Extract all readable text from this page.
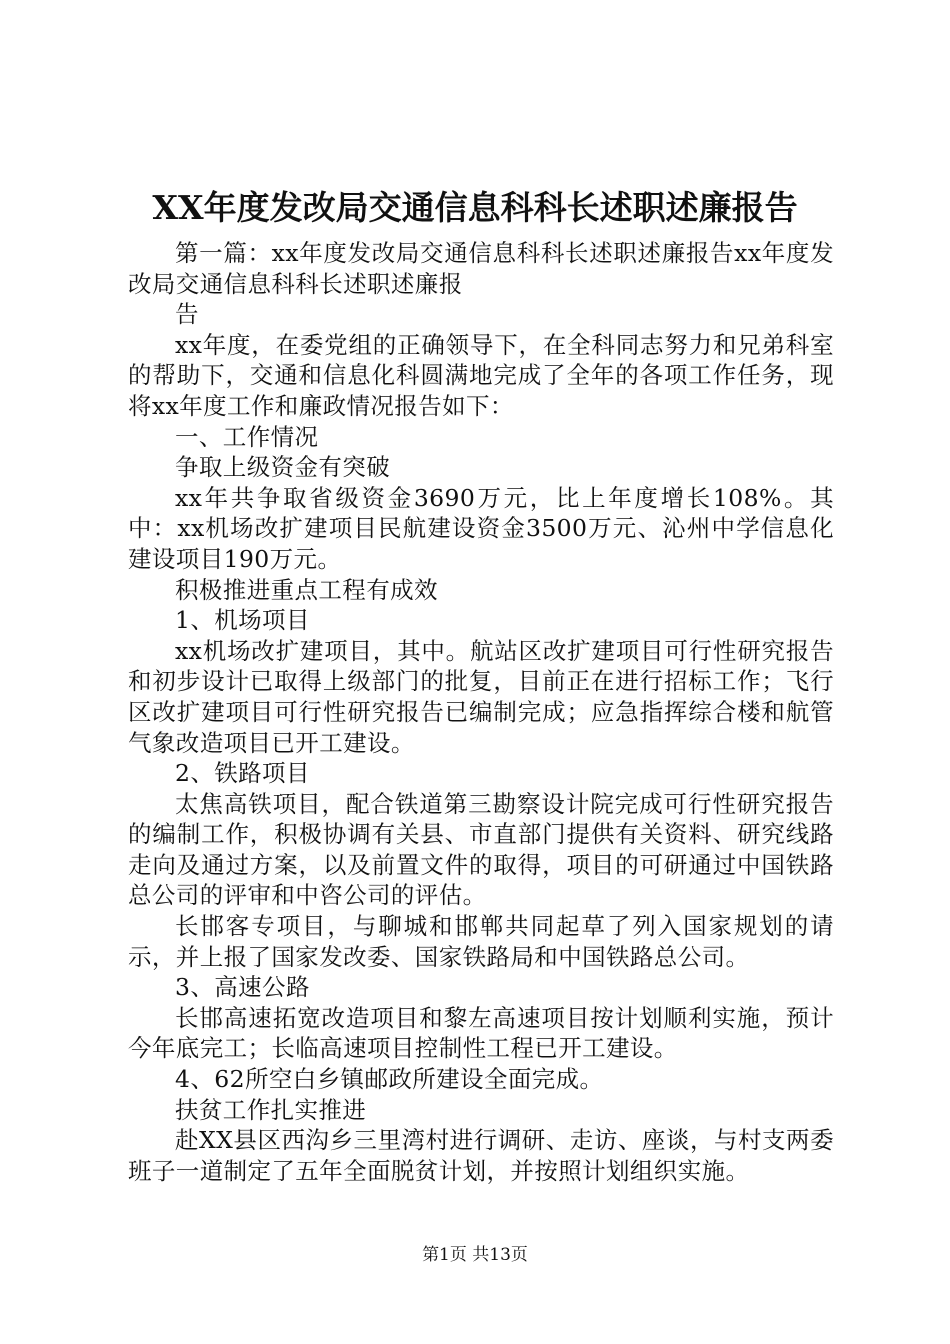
XX年度发改局交通信息科科长述职述廉报告

第一篇：xx年度发改局交通信息科科长述职述廉报告xx年度发改局交通信息科科长述职述廉报

告

xx年度，在委党组的正确领导下，在全科同志努力和兄弟科室的帮助下，交通和信息化科圆满地完成了全年的各项工作任务，现将xx年度工作和廉政情况报告如下：

一、工作情况

争取上级资金有突破

xx年共争取省级资金3690万元，比上年度增长108%。其中：xx机场改扩建项目民航建设资金3500万元、沁州中学信息化建设项目190万元。

积极推进重点工程有成效

1、机场项目

xx机场改扩建项目，其中。航站区改扩建项目可行性研究报告和初步设计已取得上级部门的批复，目前正在进行招标工作；飞行区改扩建项目可行性研究报告已编制完成；应急指挥综合楼和航管气象改造项目已开工建设。

2、铁路项目

太焦高铁项目，配合铁道第三勘察设计院完成可行性研究报告的编制工作，积极协调有关县、市直部门提供有关资料、研究线路走向及通过方案，以及前置文件的取得，项目的可研通过中国铁路总公司的评审和中咨公司的评估。

长邯客专项目，与聊城和邯郸共同起草了列入国家规划的请示，并上报了国家发改委、国家铁路局和中国铁路总公司。

3、高速公路

长邯高速拓宽改造项目和黎左高速项目按计划顺利实施，预计今年底完工；长临高速项目控制性工程已开工建设。

4、62所空白乡镇邮政所建设全面完成。

扶贫工作扎实推进

赴XX县区西沟乡三里湾村进行调研、走访、座谈，与村支两委班子一道制定了五年全面脱贫计划，并按照计划组织实施。

第1页 共13页
